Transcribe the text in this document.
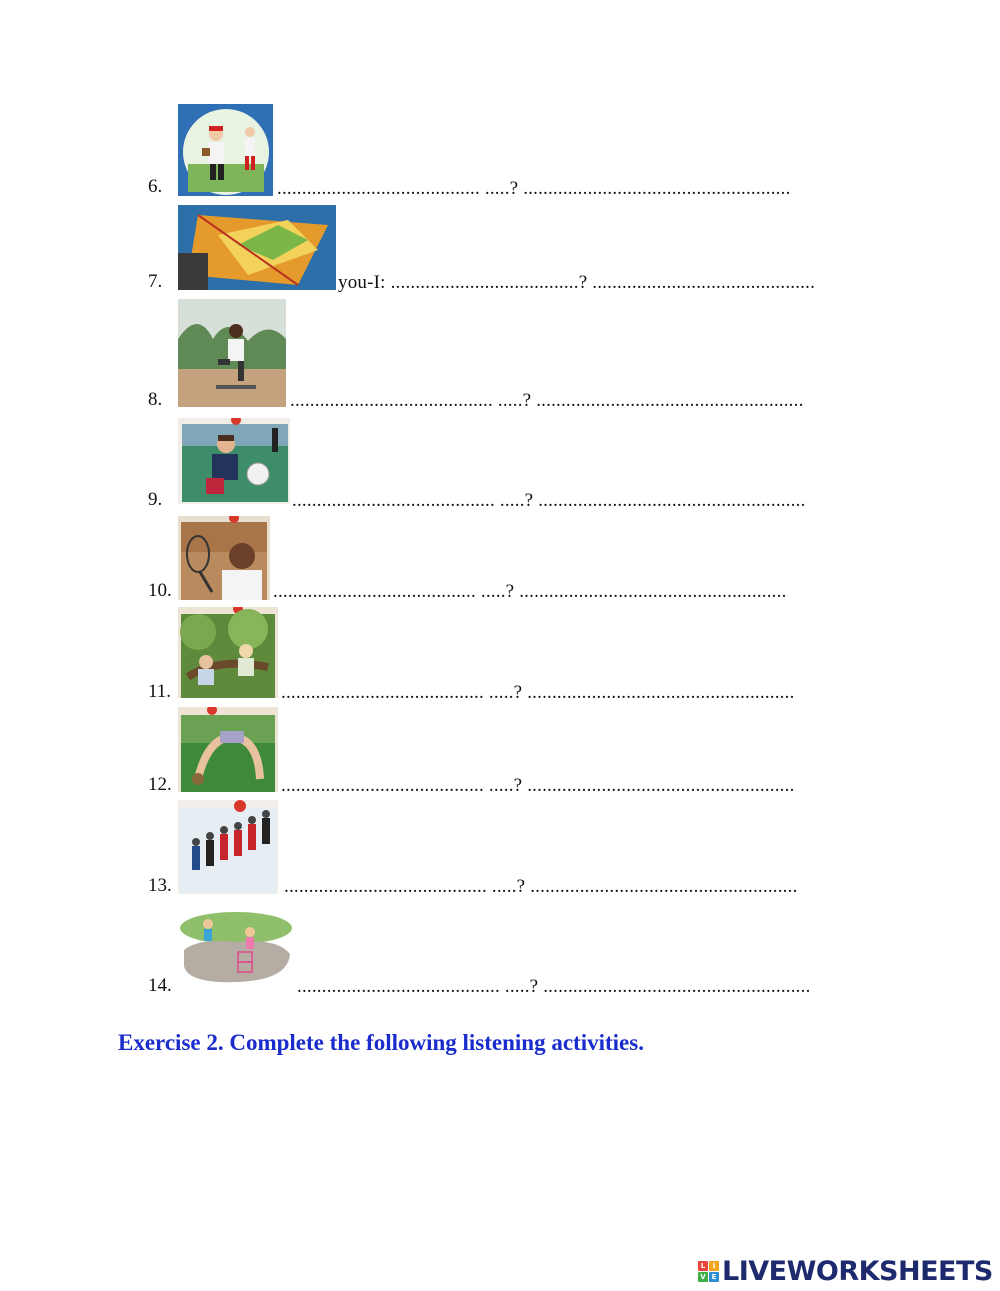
6.	......................................... .....? ......................................................
7.	you-I: ......................................? .............................................
8.	......................................... .....? ......................................................
9.	......................................... .....? ......................................................
10.	......................................... .....? ......................................................
11.	......................................... .....? ......................................................
12.	......................................... .....? ......................................................
13.	......................................... .....? ......................................................
14.	......................................... .....? ......................................................
Exercise 2. Complete the following listening activities.
L	I
V E LIVEWORKSHEETS
